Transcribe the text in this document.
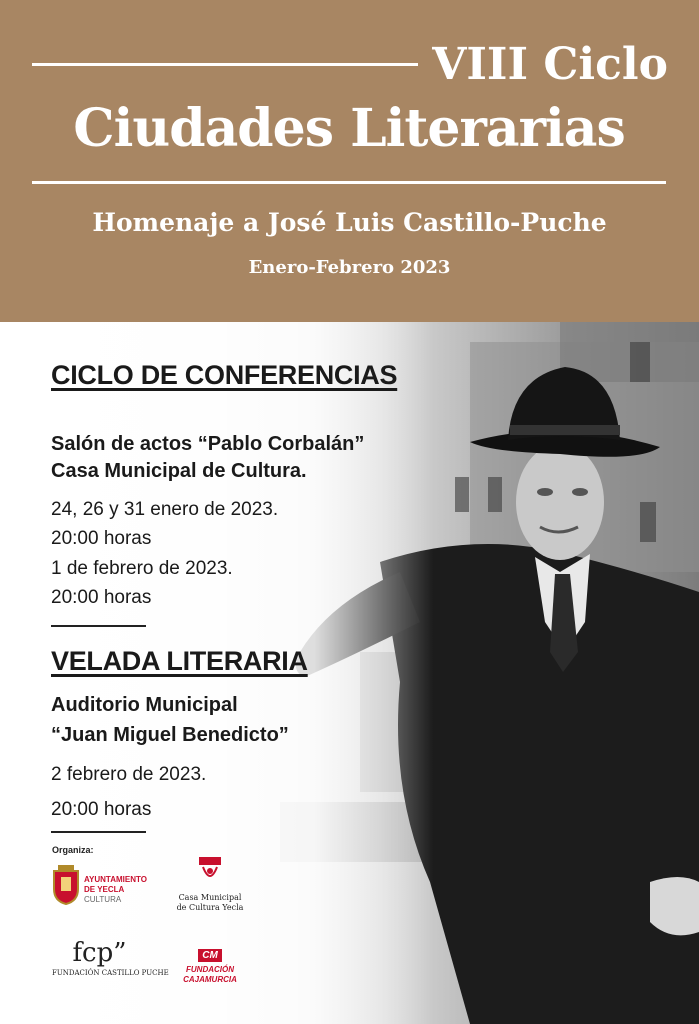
VIII Ciclo
Ciudades Literarias
Homenaje a José Luis Castillo-Puche
Enero-Febrero 2023
CICLO DE CONFERENCIAS
Salón de actos “Pablo Corbalán”
Casa Municipal de Cultura.
24, 26 y 31 enero de 2023.
20:00 horas
1 de febrero de 2023.
20:00 horas
VELADA LITERARIA
Auditorio Municipal
“Juan Miguel Benedicto”
2 febrero de 2023.
20:00 horas
Organiza:
AYUNTAMIENTO
DE YECLA
CULTURA	Casa Municipal
de Cultura Yecla
fcp”
FUNDACIÓN CASTILLO PUCHE
CM
FUNDACIÓN
CAJAMURCIA
